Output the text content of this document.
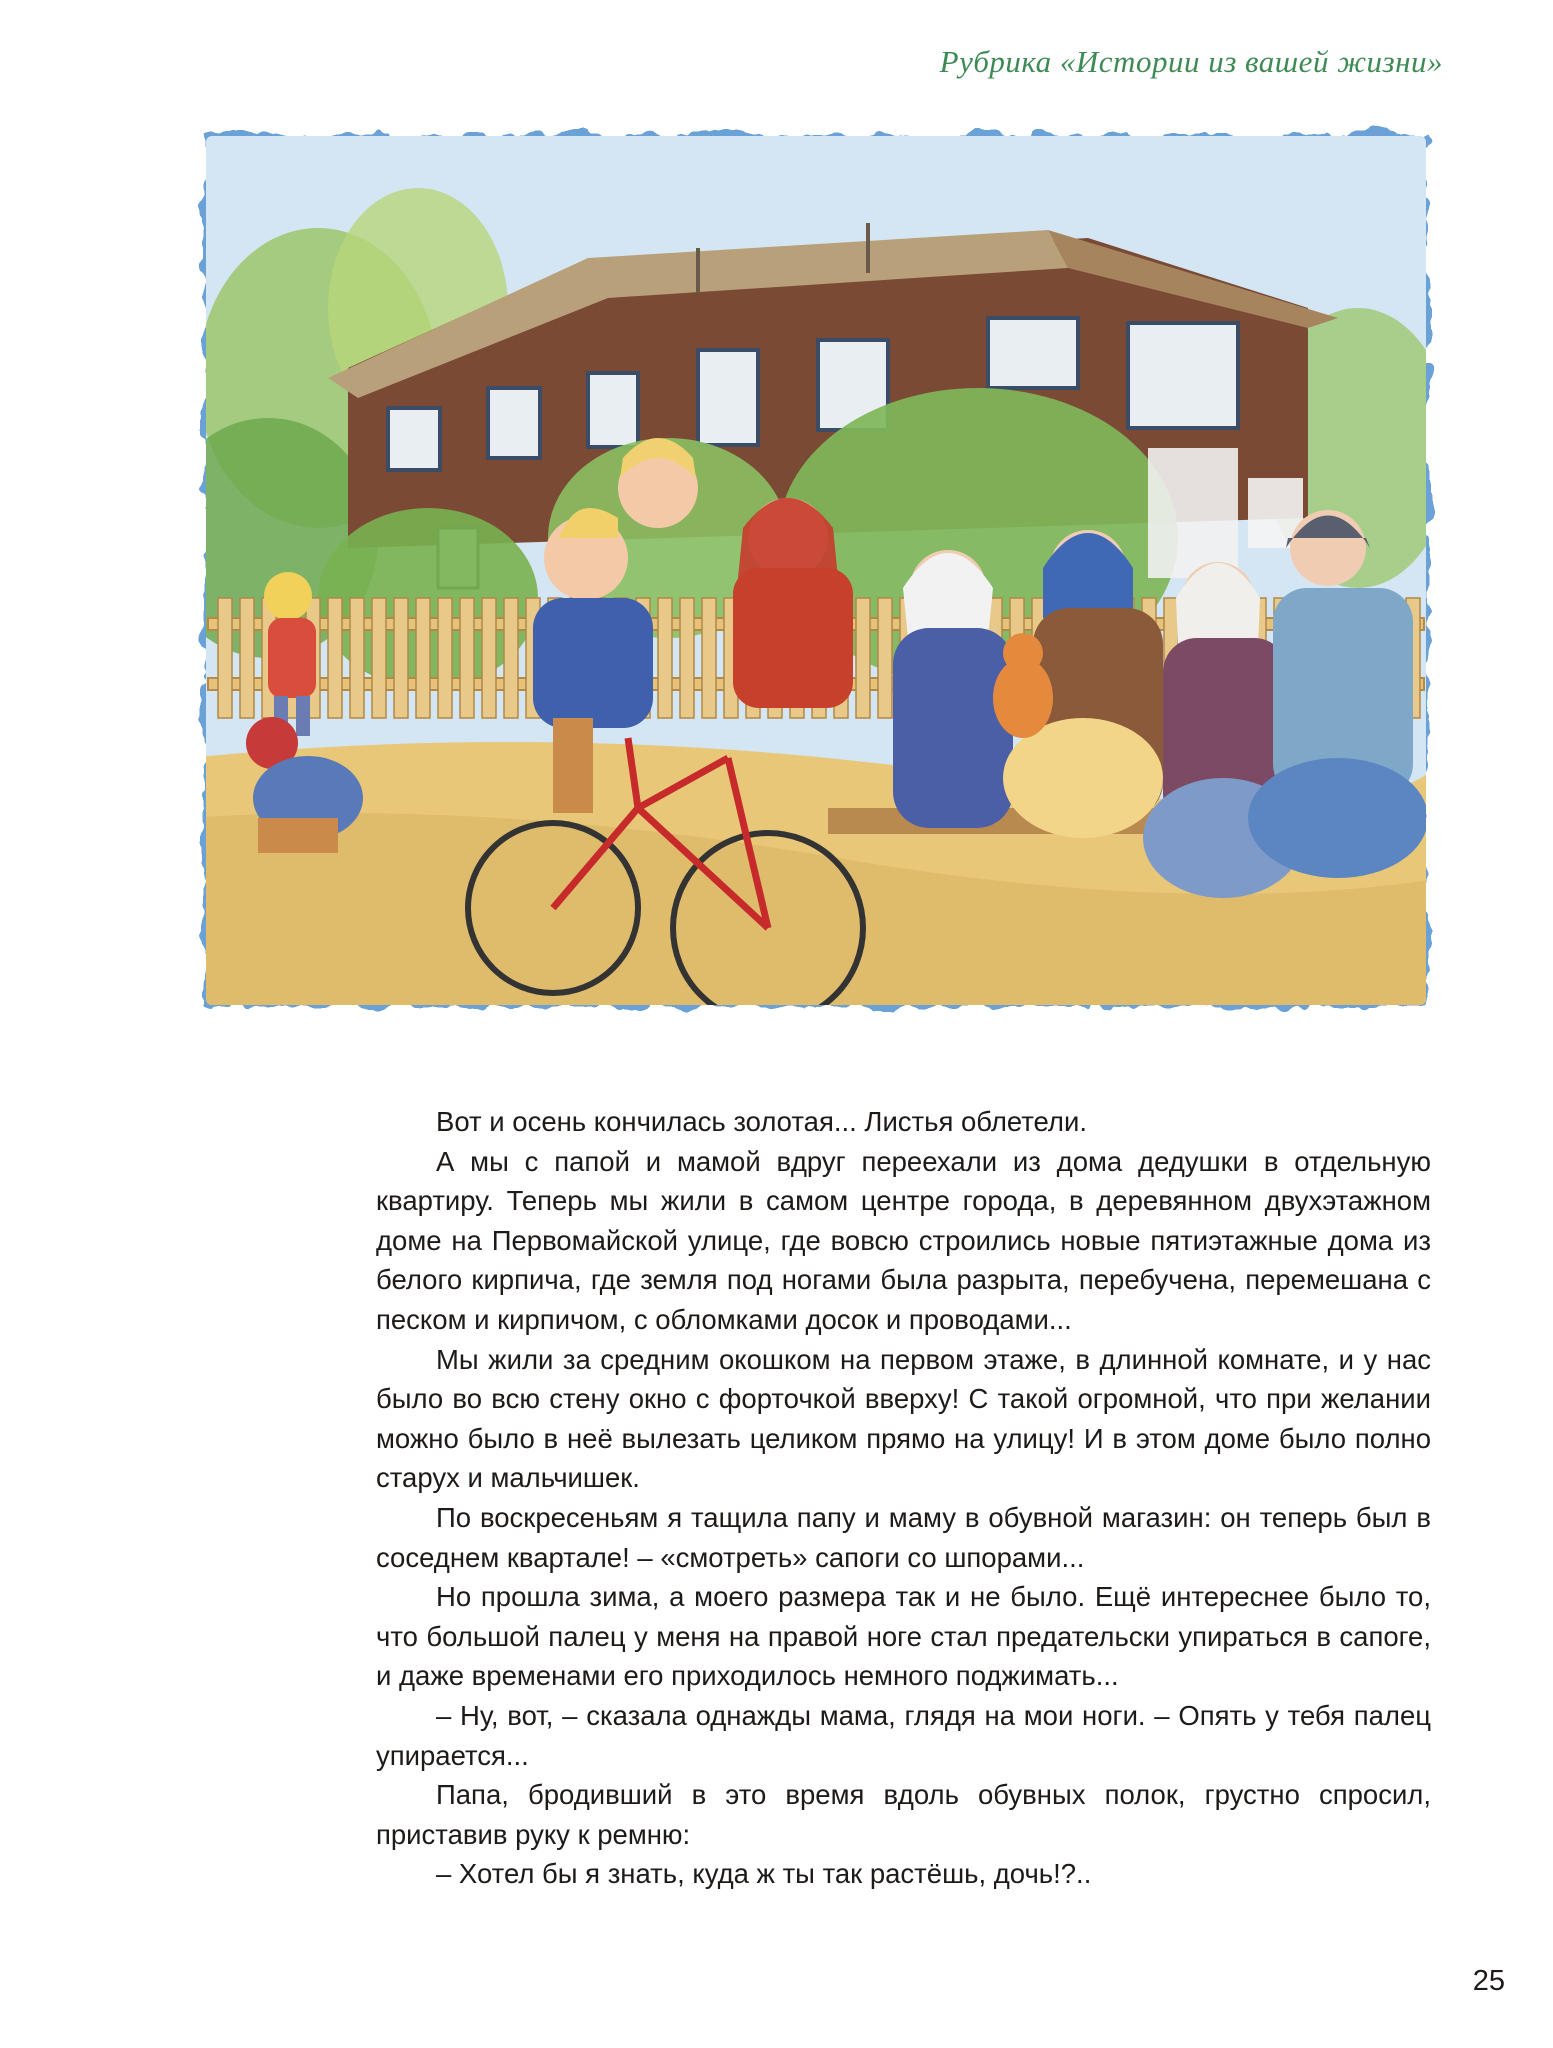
Рубрика «Истории из вашей жизни»

Вот и осень кончилась золотая... Листья облетели.

А мы с папой и мамой вдруг переехали из дома дедушки в отдельную квартиру. Теперь мы жили в самом центре города, в деревянном двухэтажном доме на Первомайской улице, где вовсю строились новые пятиэтажные дома из белого кирпича, где земля под ногами была разрыта, перебучена, перемешана с песком и кирпичом, с обломками досок и проводами...

Мы жили за средним окошком на первом этаже, в длинной комнате, и у нас было во всю стену окно с форточкой вверху! С такой огромной, что при желании можно было в неё вылезать целиком прямо на улицу! И в этом доме было полно старух и мальчишек.

По воскресеньям я тащила папу и маму в обувной магазин: он теперь был в соседнем квартале! – «смотреть» сапоги со шпорами...

Но прошла зима, а моего размера так и не было. Ещё интереснее было то, что большой палец у меня на правой ноге стал предательски упираться в сапоге, и даже временами его приходилось немного поджимать...

– Ну, вот, – сказала однажды мама, глядя на мои ноги. – Опять у тебя палец упирается...

Папа, бродивший в это время вдоль обувных полок, грустно спросил, приставив руку к ремню:

– Хотел бы я знать, куда ж ты так растёшь, дочь!?..

25
